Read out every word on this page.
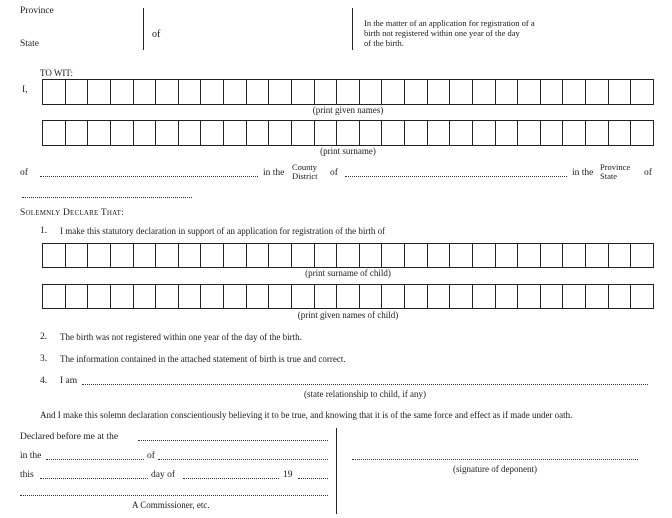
Province
State
of
In the matter of an application for registration of a
birth not registered within one year of the day
of the birth.
TO WIT:
I,
(print given names)
(print surname)
of	in the
County
District of	in the
Province
State	of
Solemnly Declare That:
1. I make this statutory declaration in support of an application for registration of the birth of
(print surname of child)
(print given names of child)
2. The birth was not registered within one year of the day of the birth.
3. The information contained in the attached statement of birth is true and correct.
4. I am
(state relationship to child, if any)
And I make this solemn declaration conscientiously believing it to be true, and knowing that it is of the same force and effect as if made under oath.
Declared before me at the
in the	of
this	day of	19
A Commissioner, etc.
(signature of deponent)
